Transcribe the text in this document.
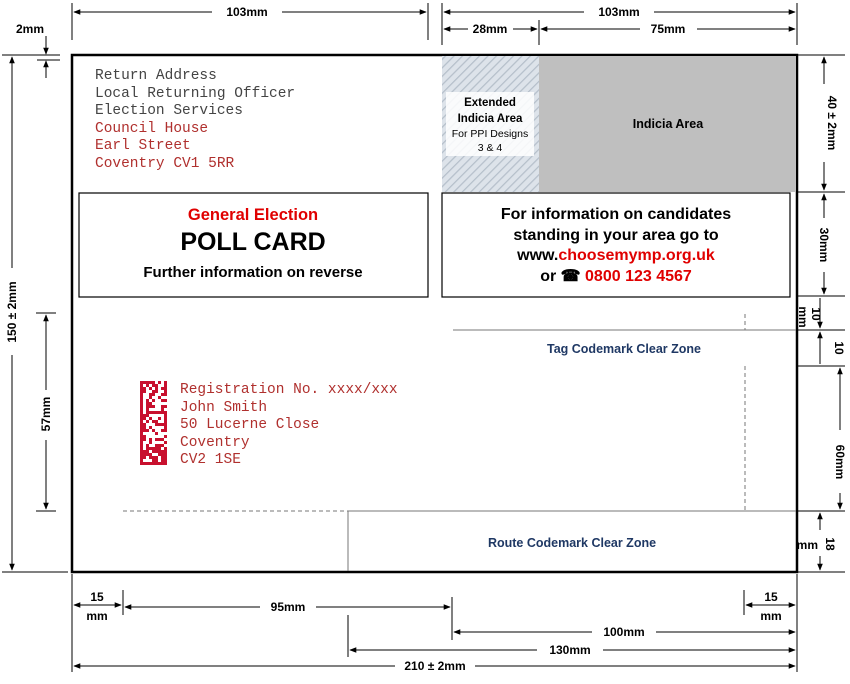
Extended
Indicia Area
For PPI Designs
3 & 4
Indicia Area
Return Address
Local Returning Officer
Election Services
Council House
Earl Street
Coventry CV1 5RR
General Election
POLL CARD
Further information on reverse
For information on candidates
standing in your area go to
www.choosemymp.org.uk
or ☎ 0800 123 4567
Tag Codemark Clear Zone
Route Codemark Clear Zone
Registration No. xxxx/xxx
John Smith
50 Lucerne Close
Coventry
CV2 1SE
103mm	103mm
28mm	75mm
2mm
150 ± 2mm
57mm
40 ± 2mm
30mm
10
mm
10
60mm
18
mm
15
mm
95mm
15
mm
100mm
130mm
210 ± 2mm
